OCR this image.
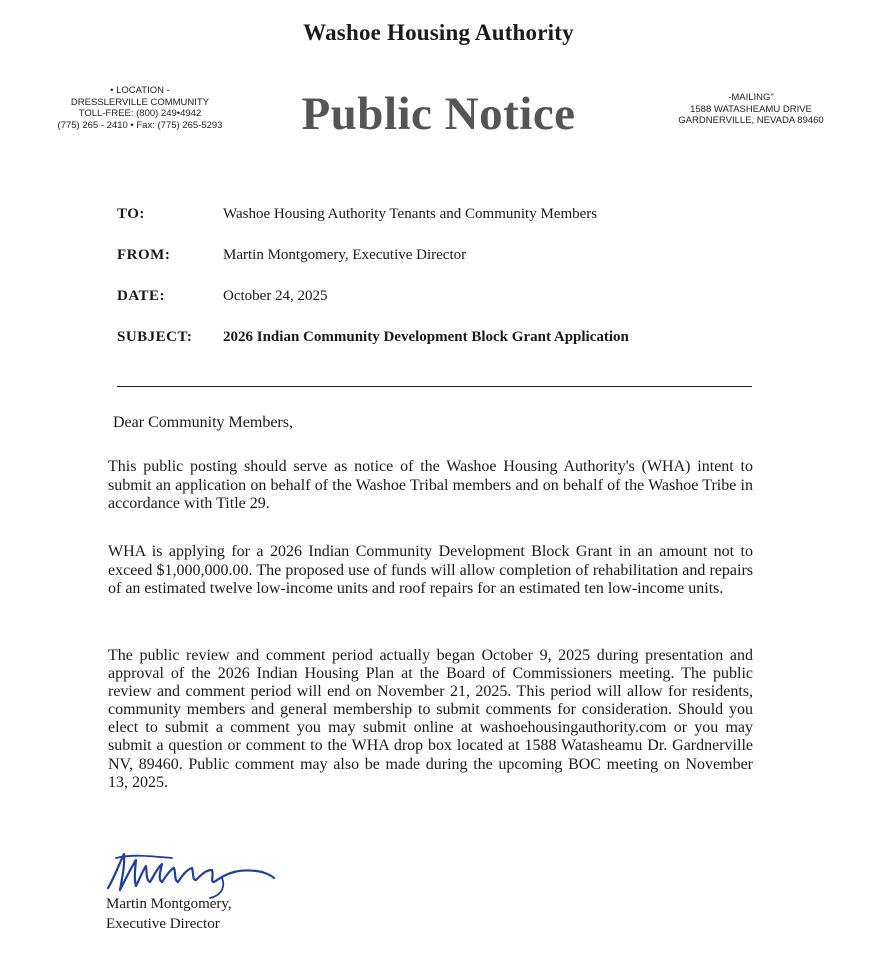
Washoe Housing Authority
• LOCATION -
DRESSLERVILLE COMMUNITY
TOLL-FREE: (800) 249•4942
(775) 265 - 2410 • Fax: (775) 265-5293	Public Notice	-MAILING"
1588 WATASHEAMU DRIVE
GARDNERVILLE, NEVADA 89460
TO:	Washoe Housing Authority Tenants and Community Members
FROM:	Martin Montgomery, Executive Director
DATE:	October 24, 2025
SUBJECT: 2026 Indian Community Development Block Grant Application
Dear Community Members,
This public posting should serve as notice of the Washoe Housing Authority's (WHA) intent to submit an application on behalf of the Washoe Tribal members and on behalf of the Washoe Tribe in accordance with Title 29.
WHA is applying for a 2026 Indian Community Development Block Grant in an amount not to exceed $1,000,000.00. The proposed use of funds will allow completion of rehabilitation and repairs of an estimated twelve low-income units and roof repairs for an estimated ten low-income units.
The public review and comment period actually began October 9, 2025 during presentation and approval of the 2026 Indian Housing Plan at the Board of Commissioners meeting. The public review and comment period will end on November 21, 2025. This period will allow for residents, community members and general membership to submit comments for consideration. Should you elect to submit a comment you may submit online at washoehousingauthority.com or you may submit a question or comment to the WHA drop box located at 1588 Watasheamu Dr. Gardnerville NV, 89460. Public comment may also be made during the upcoming BOC meeting on November 13, 2025.
Martin Montgomery,
Executive Director
